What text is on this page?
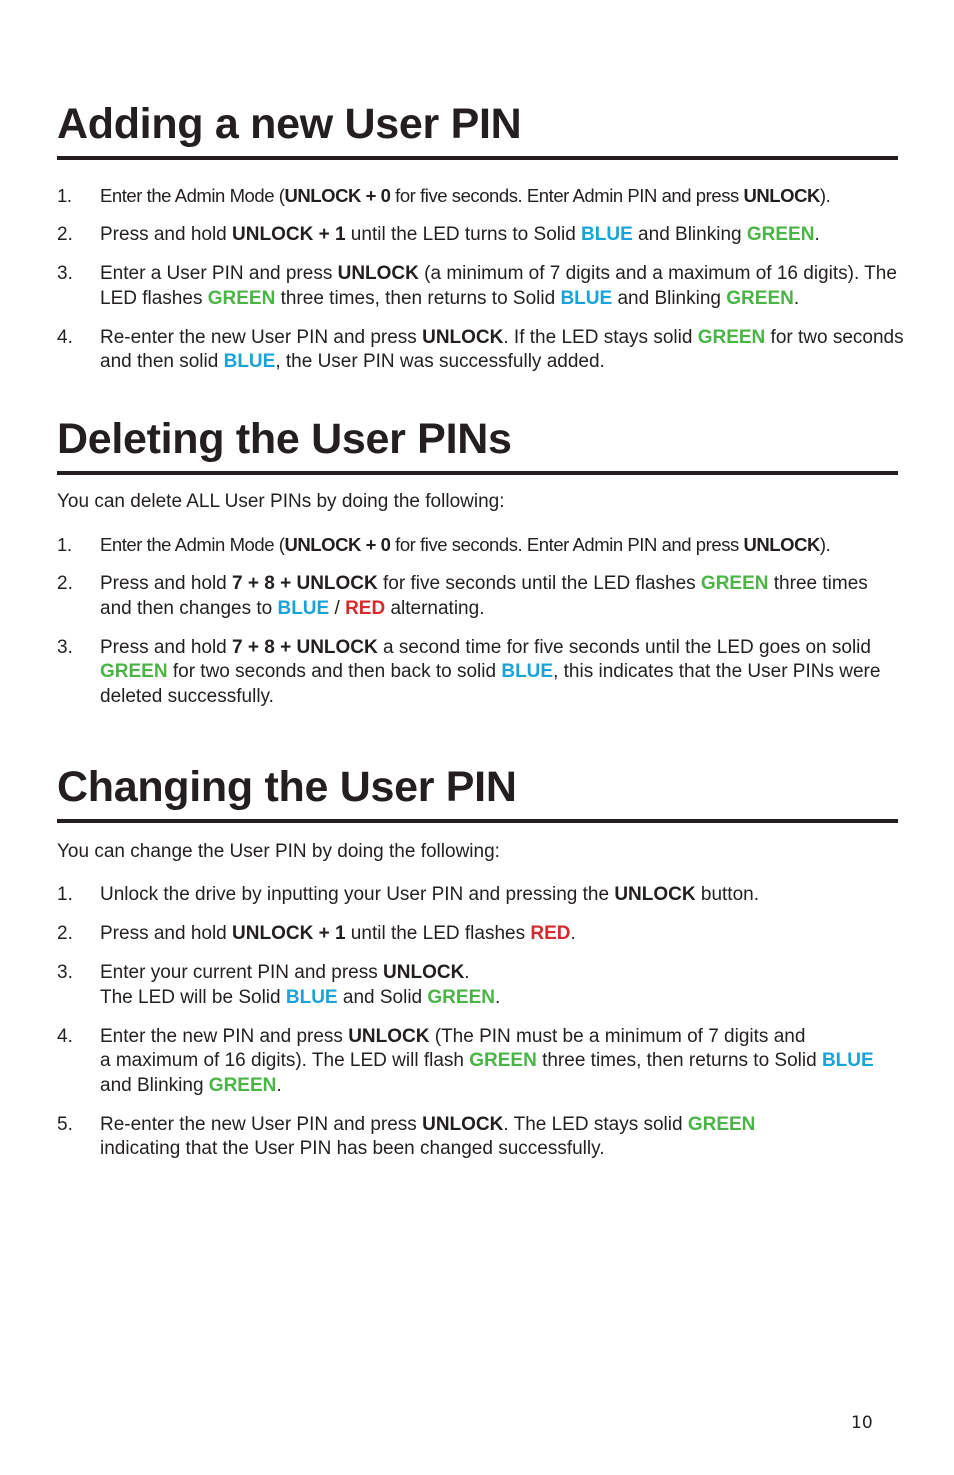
Adding a new User PIN
1. Enter the Admin Mode (UNLOCK + 0 for five seconds. Enter Admin PIN and press UNLOCK).
2. Press and hold UNLOCK + 1 until the LED turns to Solid BLUE and Blinking GREEN.
3. Enter a User PIN and press UNLOCK (a minimum of 7 digits and a maximum of 16 digits). The LED flashes GREEN three times, then returns to Solid BLUE and Blinking GREEN.
4. Re-enter the new User PIN and press UNLOCK. If the LED stays solid GREEN for two seconds and then solid BLUE, the User PIN was successfully added.
Deleting the User PINs

You can delete ALL User PINs by doing the following:

1. Enter the Admin Mode (UNLOCK + 0 for five seconds. Enter Admin PIN and press UNLOCK).
2. Press and hold 7 + 8 + UNLOCK for five seconds until the LED flashes GREEN three times and then changes to BLUE / RED alternating.
3. Press and hold 7 + 8 + UNLOCK a second time for five seconds until the LED goes on solid GREEN for two seconds and then back to solid BLUE, this indicates that the User PINs were deleted successfully.
Changing the User PIN

You can change the User PIN by doing the following:

1. Unlock the drive by inputting your User PIN and pressing the UNLOCK button.
2. Press and hold UNLOCK + 1 until the LED flashes RED.
3. Enter your current PIN and press UNLOCK.
The LED will be Solid BLUE and Solid GREEN.
4. Enter the new PIN and press UNLOCK (The PIN must be a minimum of 7 digits and
a maximum of 16 digits). The LED will flash GREEN three times, then returns to Solid BLUE and Blinking GREEN.
5. Re-enter the new User PIN and press UNLOCK. The LED stays solid GREEN
indicating that the User PIN has been changed successfully.
10
